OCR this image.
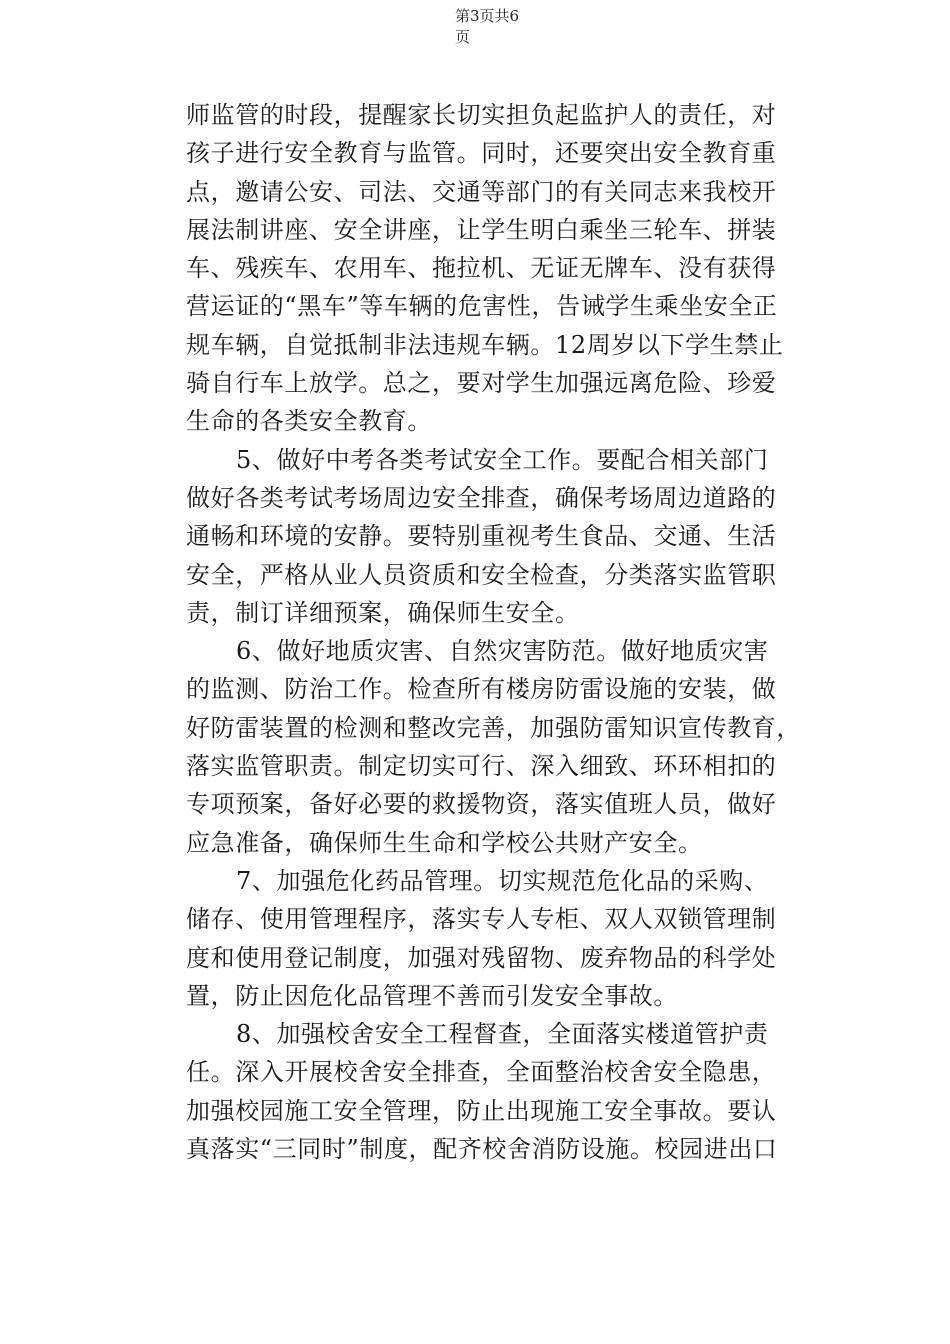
第3页共6
页

师监管的时段，提醒家长切实担负起监护人的责任，对
孩子进行安全教育与监管。同时，还要突出安全教育重
点，邀请公安、司法、交通等部门的有关同志来我校开
展法制讲座、安全讲座，让学生明白乘坐三轮车、拼装
车、残疾车、农用车、拖拉机、无证无牌车、没有获得
营运证的“黑车”等车辆的危害性，告诫学生乘坐安全正
规车辆，自觉抵制非法违规车辆。12周岁以下学生禁止
骑自行车上放学。总之，要对学生加强远离危险、珍爱
生命的各类安全教育。

5、做好中考各类考试安全工作。要配合相关部门
做好各类考试考场周边安全排查，确保考场周边道路的
通畅和环境的安静。要特别重视考生食品、交通、生活
安全，严格从业人员资质和安全检查，分类落实监管职
责，制订详细预案，确保师生安全。

6、做好地质灾害、自然灾害防范。做好地质灾害
的监测、防治工作。检查所有楼房防雷设施的安装，做
好防雷装置的检测和整改完善，加强防雷知识宣传教育，
落实监管职责。制定切实可行、深入细致、环环相扣的
专项预案，备好必要的救援物资，落实值班人员，做好
应急准备，确保师生生命和学校公共财产安全。

7、加强危化药品管理。切实规范危化品的采购、
储存、使用管理程序，落实专人专柜、双人双锁管理制
度和使用登记制度，加强对残留物、废弃物品的科学处
置，防止因危化品管理不善而引发安全事故。

8、加强校舍安全工程督查，全面落实楼道管护责
任。深入开展校舍安全排查，全面整治校舍安全隐患，
加强校园施工安全管理，防止出现施工安全事故。要认
真落实“三同时”制度，配齐校舍消防设施。校园进出口
